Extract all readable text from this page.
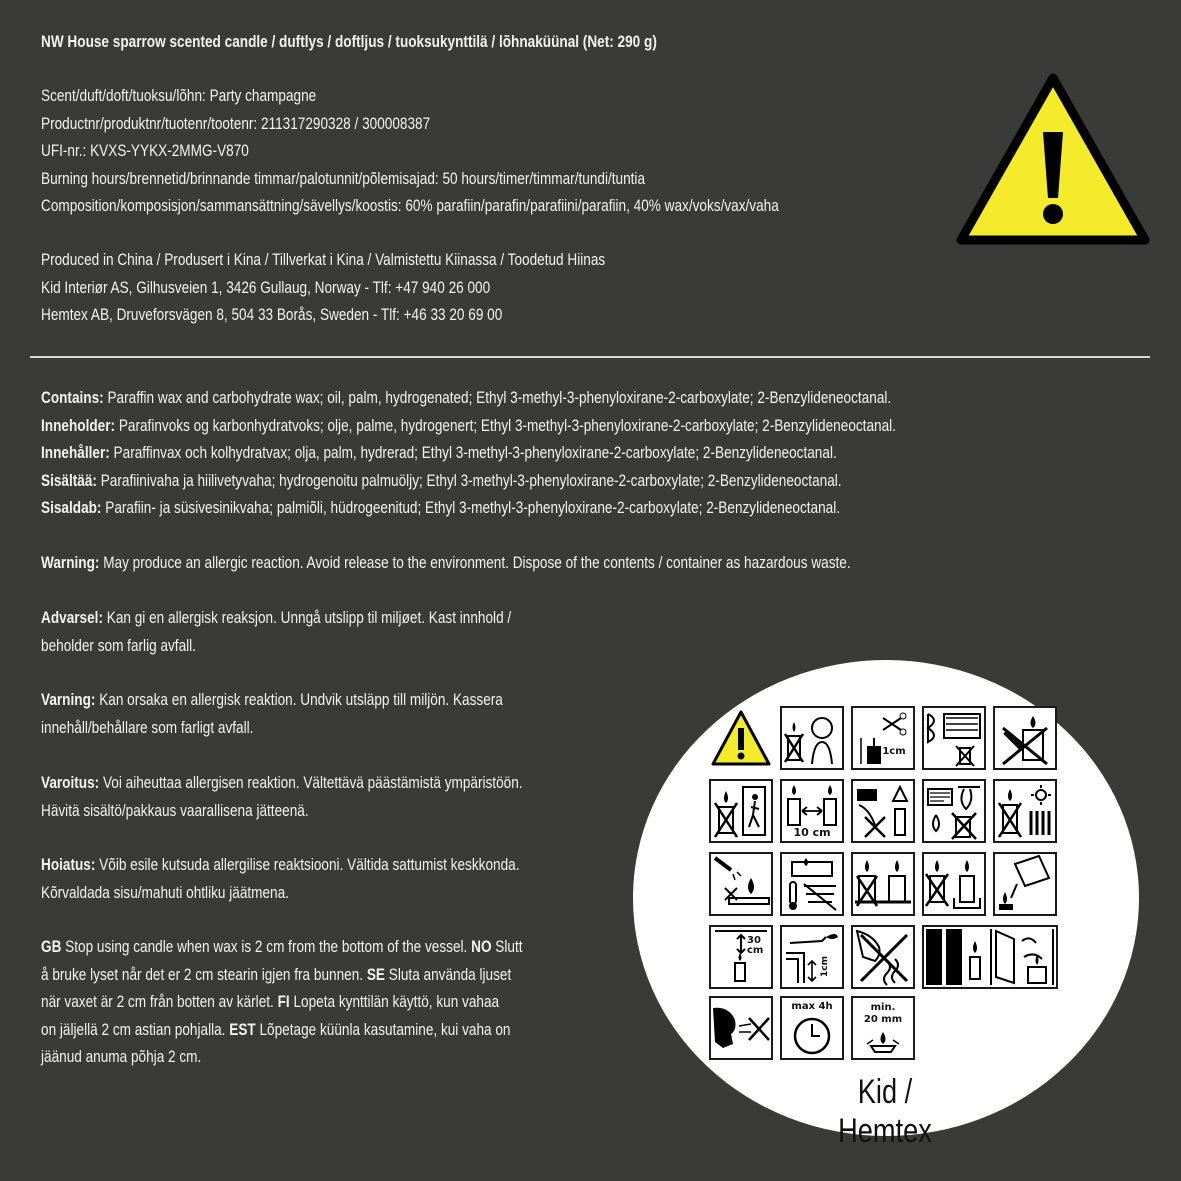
NW House sparrow scented candle / duftlys / doftljus / tuoksukynttilä / lõhnaküünal (Net: 290 g)
Scent/duft/doft/tuoksu/lõhn: Party champagne
Productnr/produktnr/tuotenr/tootenr: 211317290328 / 300008387
UFI-nr.: KVXS-YYKX-2MMG-V870
Burning hours/brennetid/brinnande timmar/palotunnit/põlemisajad: 50 hours/timer/timmar/tundi/tuntia
Composition/komposisjon/sammansättning/sävellys/koostis: 60% parafiin/parafin/parafiini/parafiin, 40% wax/voks/vax/vaha
Produced in China / Produsert i Kina / Tillverkat i Kina / Valmistettu Kiinassa / Toodetud Hiinas
Kid Interiør AS, Gilhusveien 1, 3426 Gullaug, Norway - Tlf: +47 940 26 000
Hemtex AB, Druveforsvägen 8, 504 33 Borås, Sweden - Tlf: +46 33 20 69 00
Contains: Paraffin wax and carbohydrate wax; oil, palm, hydrogenated; Ethyl 3-methyl-3-phenyloxirane-2-carboxylate; 2-Benzylideneoctanal.
Inneholder: Parafinvoks og karbonhydratvoks; olje, palme, hydrogenert; Ethyl 3-methyl-3-phenyloxirane-2-carboxylate; 2-Benzylideneoctanal.
Innehåller: Paraffinvax och kolhydratvax; olja, palm, hydrerad; Ethyl 3-methyl-3-phenyloxirane-2-carboxylate; 2-Benzylideneoctanal.
Sisältää: Parafiinivaha ja hiilivetyvaha; hydrogenoitu palmuöljy; Ethyl 3-methyl-3-phenyloxirane-2-carboxylate; 2-Benzylideneoctanal.
Sisaldab: Parafiin- ja süsivesinikvaha; palmiõli, hüdrogeenitud; Ethyl 3-methyl-3-phenyloxirane-2-carboxylate; 2-Benzylideneoctanal.
Warning: May produce an allergic reaction. Avoid release to the environment. Dispose of the contents / container as hazardous waste.
Advarsel: Kan gi en allergisk reaksjon. Unngå utslipp til miljøet. Kast innhold /
beholder som farlig avfall.
Varning: Kan orsaka en allergisk reaktion. Undvik utsläpp till miljön. Kassera
innehåll/behållare som farligt avfall.
Varoitus: Voi aiheuttaa allergisen reaktion. Vältettävä päästämistä ympäristöön.
Hävitä sisältö/pakkaus vaarallisena jätteenä.
Hoiatus: Võib esile kutsuda allergilise reaktsiooni. Vältida sattumist keskkonda.
Kõrvaldada sisu/mahuti ohtliku jäätmena.
GB Stop using candle when wax is 2 cm from the bottom of the vessel. NO Slutt
å bruke lyset når det er 2 cm stearin igjen fra bunnen. SE Sluta använda ljuset
när vaxet är 2 cm från botten av kärlet. FI Lopeta kynttilän käyttö, kun vahaa
on jäljellä 2 cm astian pohjalla. EST Lõpetage küünla kasutamine, kui vaha on
jäänud anuma põhja 2 cm.
1cm
10 cm
30
cm
1cm
max 4h	min.
20 mm
Kid / Hemtex
